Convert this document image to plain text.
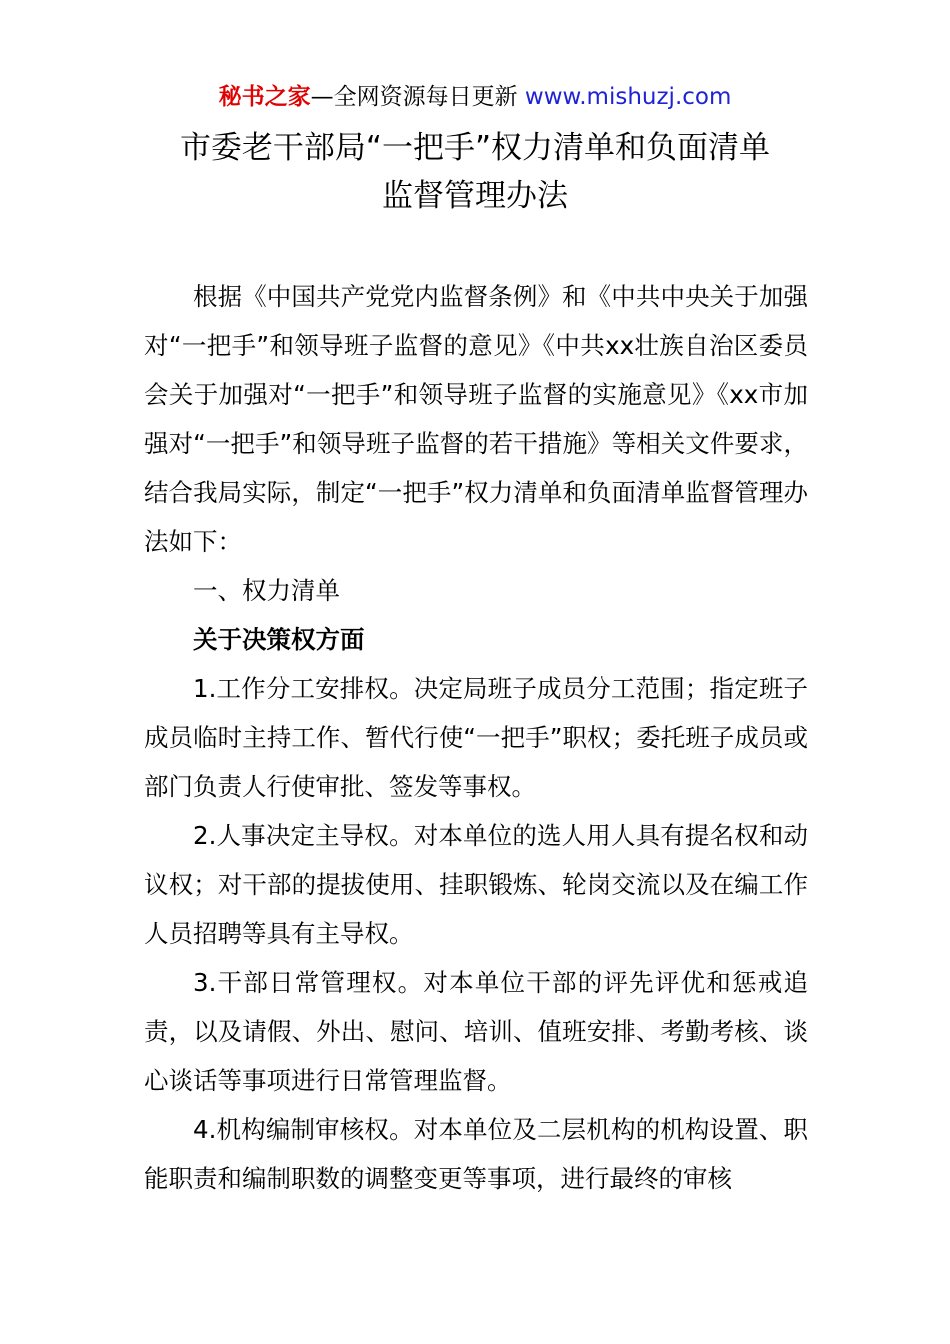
秘书之家—全网资源每日更新 www.mishuzj.com
市委老干部局“一把手”权力清单和负面清单
监督管理办法

根据《中国共产党党内监督条例》和《中共中央关于加强对“一把手”和领导班子监督的意见》《中共xx壮族自治区委员会关于加强对“一把手”和领导班子监督的实施意见》《xx市加强对“一把手”和领导班子监督的若干措施》等相关文件要求，结合我局实际，制定“一把手”权力清单和负面清单监督管理办法如下：

一、权力清单

关于决策权方面

1.工作分工安排权。决定局班子成员分工范围；指定班子成员临时主持工作、暂代行使“一把手”职权；委托班子成员或部门负责人行使审批、签发等事权。

2.人事决定主导权。对本单位的选人用人具有提名权和动议权；对干部的提拔使用、挂职锻炼、轮岗交流以及在编工作人员招聘等具有主导权。

3.干部日常管理权。对本单位干部的评先评优和惩戒追责，以及请假、外出、慰问、培训、值班安排、考勤考核、谈心谈话等事项进行日常管理监督。

4.机构编制审核权。对本单位及二层机构的机构设置、职能职责和编制职数的调整变更等事项，进行最终的审核
